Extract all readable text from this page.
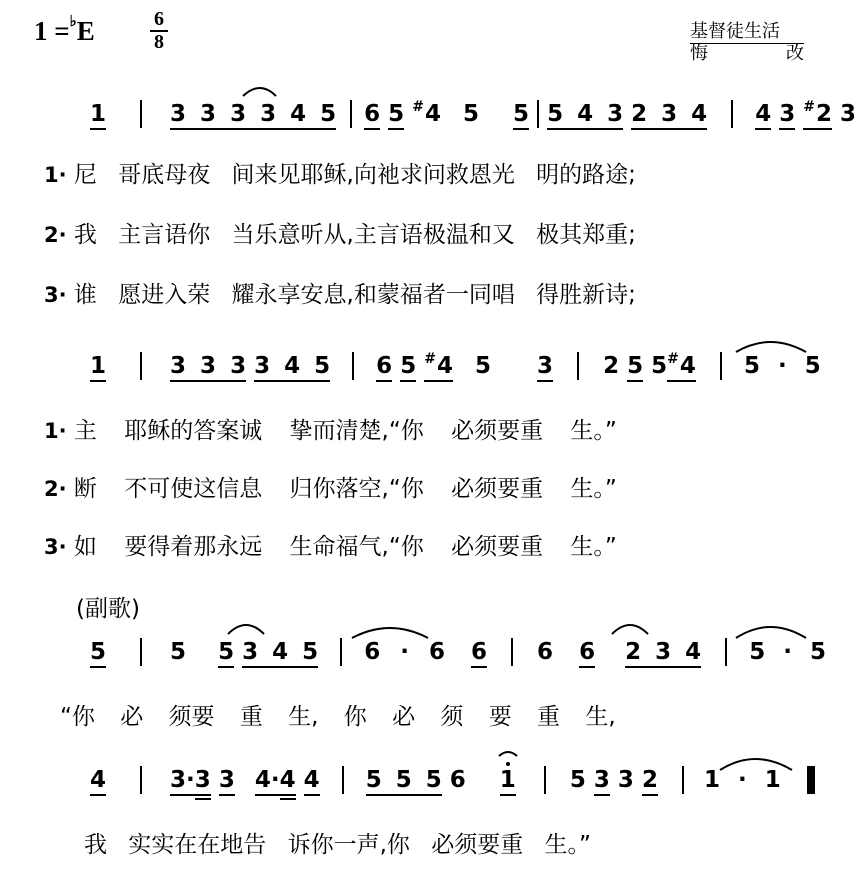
1 =♭E	6
8	基督徒生活
悔	改
1	3 3 3 3 4 5 6 5 #4 5 5 5 4 3 2 3 4 4 3 #2 3
1· 尼 哥底母夜 间来见耶稣,向祂求问救恩光 明的路途;
2· 我 主言语你 当乐意听从,主言语极温和又 极其郑重;
3· 谁 愿进入荣 耀永享安息,和蒙福者一同唱 得胜新诗;
1	3 3 3 3 4 5 6 5 #4 5 3 2 5 5#4 5 · 5
1· 主 耶稣的答案诚 挚而清楚,“你 必须要重 生。”
2· 断 不可使这信息 归你落空,“你 必须要重 生。”
3· 如 要得着那永远 生命福气,“你 必须要重 生。”
(副歌)
5	5 5 3 4 5 6 · 6 6 6 6 2 3 4 5 · 5
“你 必 须要 重 生, 你 必 须 要 重 生,
4	3·3 3 4·4 4 5 5 5 6 1 5 3 3 2 1 · 1
我 实实在在地告 诉你一声,你 必须要重 生。”
